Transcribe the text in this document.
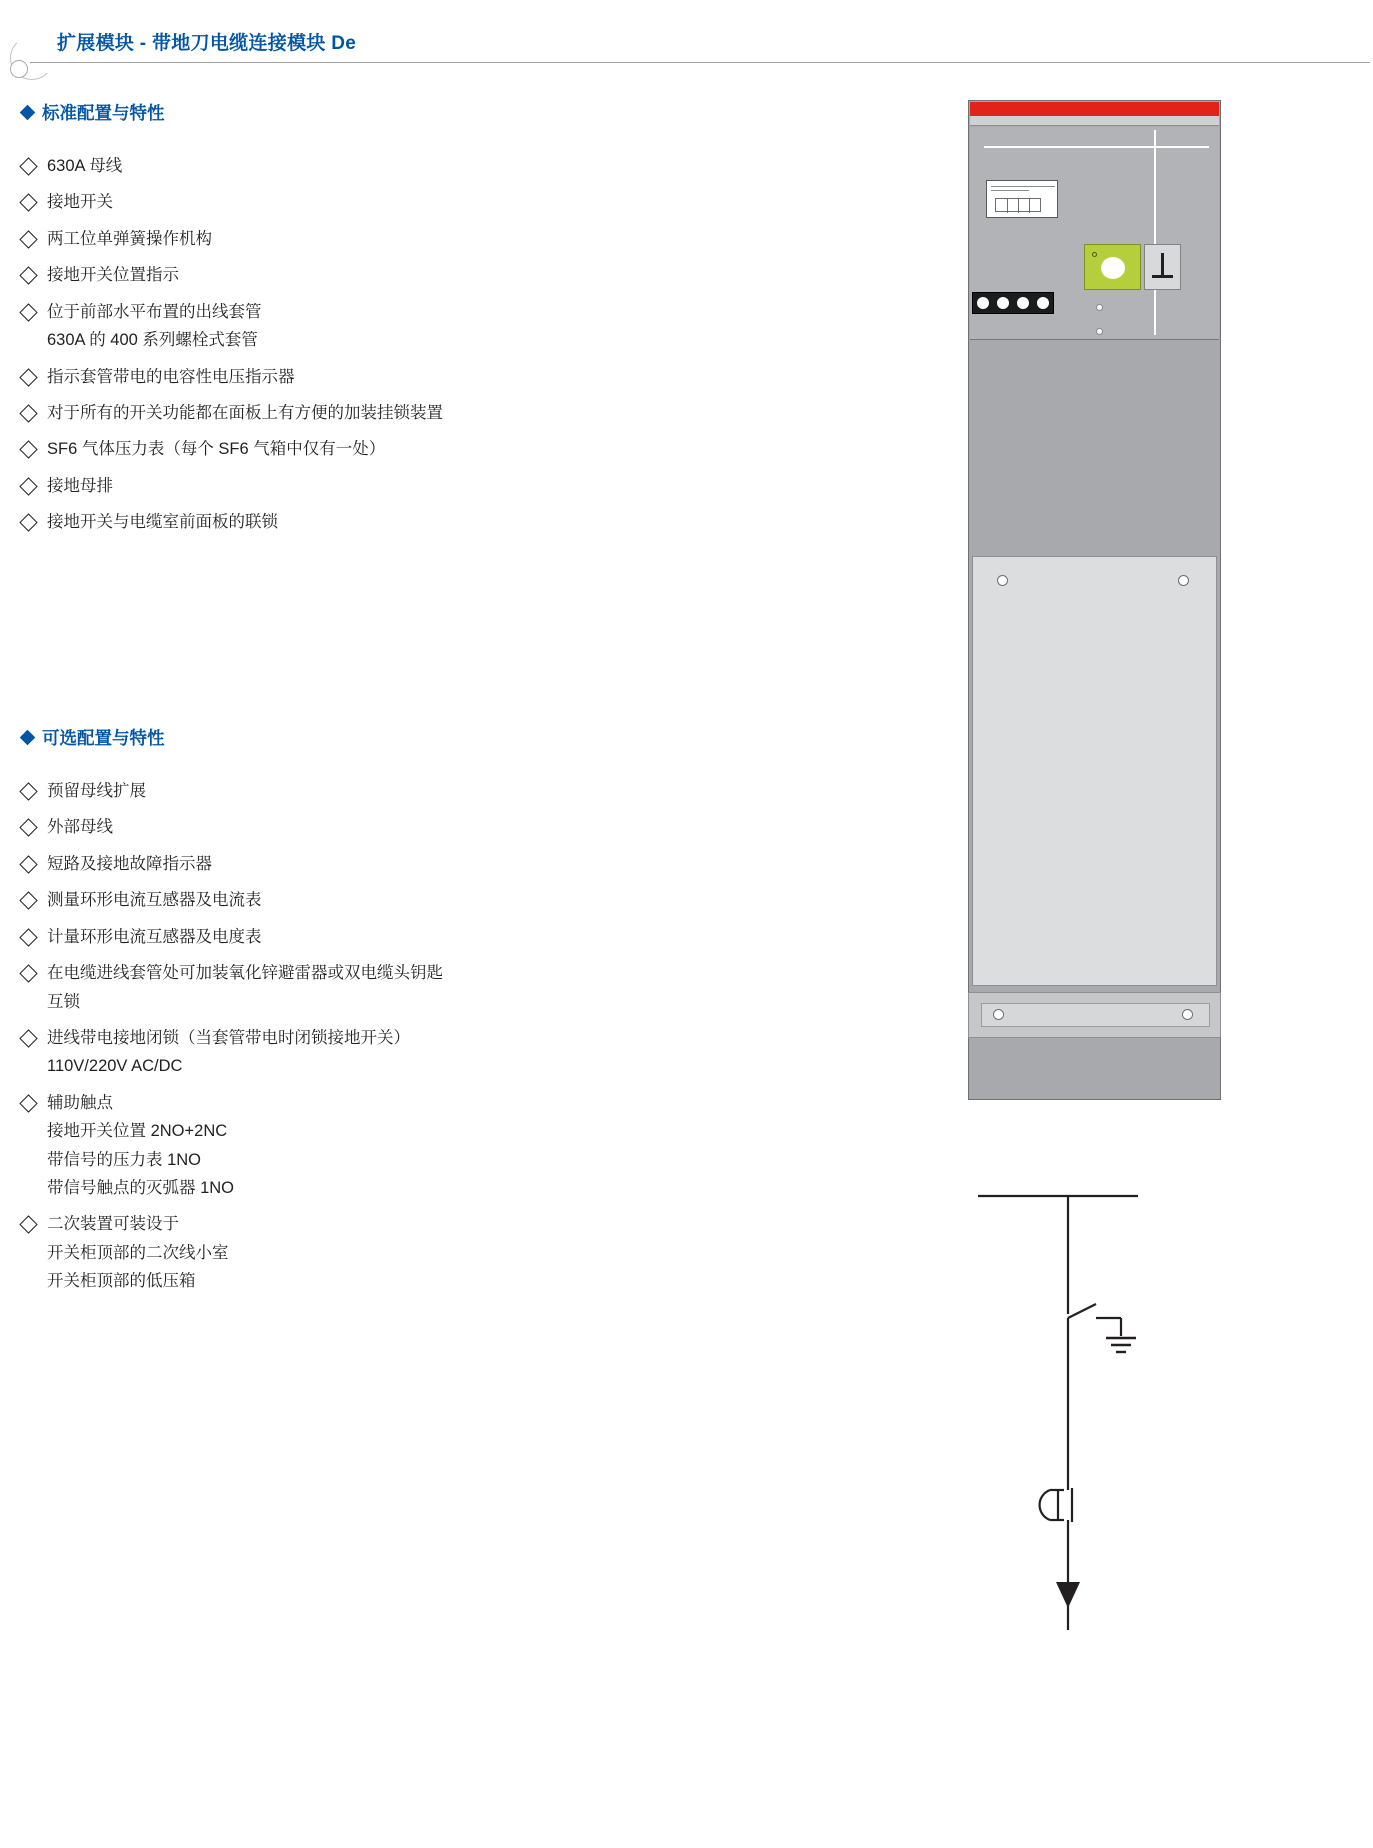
扩展模块 - 带地刀电缆连接模块 De
标准配置与特性
630A 母线
接地开关
两工位单弹簧操作机构
接地开关位置指示
位于前部水平布置的出线套管
630A 的 400 系列螺栓式套管
指示套管带电的电容性电压指示器
对于所有的开关功能都在面板上有方便的加装挂锁装置
SF6 气体压力表（每个 SF6 气箱中仅有一处）
接地母排
接地开关与电缆室前面板的联锁
可选配置与特性
预留母线扩展
外部母线
短路及接地故障指示器
测量环形电流互感器及电流表
计量环形电流互感器及电度表
在电缆进线套管处可加装氧化锌避雷器或双电缆头钥匙
互锁
进线带电接地闭锁（当套管带电时闭锁接地开关）
110V/220V AC/DC
辅助触点
接地开关位置 2NO+2NC
带信号的压力表 1NO
带信号触点的灭弧器 1NO
二次装置可装设于
开关柜顶部的二次线小室
开关柜顶部的低压箱
